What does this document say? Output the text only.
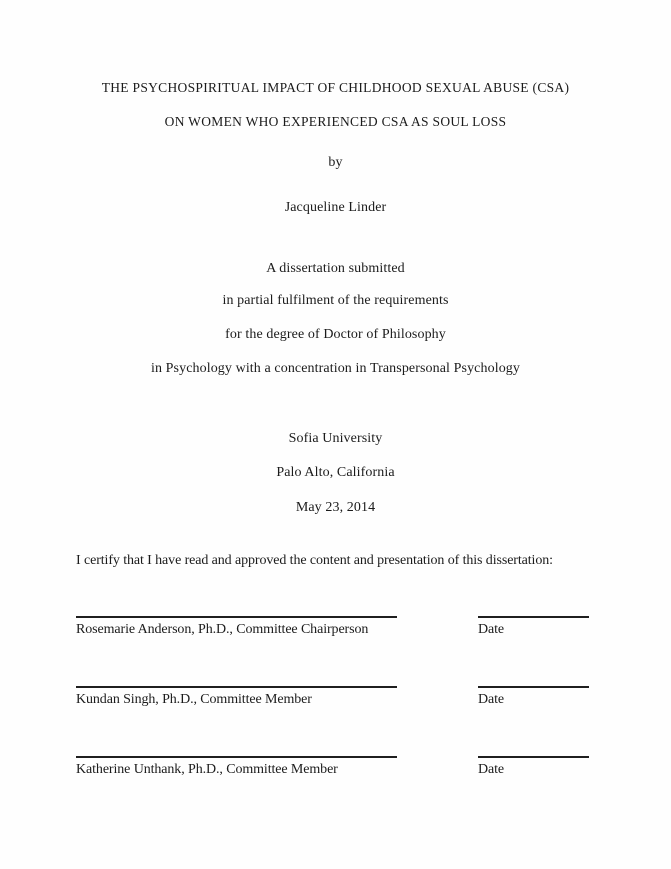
THE PSYCHOSPIRITUAL IMPACT OF CHILDHOOD SEXUAL ABUSE (CSA)
ON WOMEN WHO EXPERIENCED CSA AS SOUL LOSS
by
Jacqueline Linder
A dissertation submitted
in partial fulfilment of the requirements
for the degree of Doctor of Philosophy
in Psychology with a concentration in Transpersonal Psychology
Sofia University
Palo Alto, California
May 23, 2014
I certify that I have read and approved the content and presentation of this dissertation:
Rosemarie Anderson, Ph.D., Committee Chairperson	Date
Kundan Singh, Ph.D., Committee Member	Date
Katherine Unthank, Ph.D., Committee Member	Date
